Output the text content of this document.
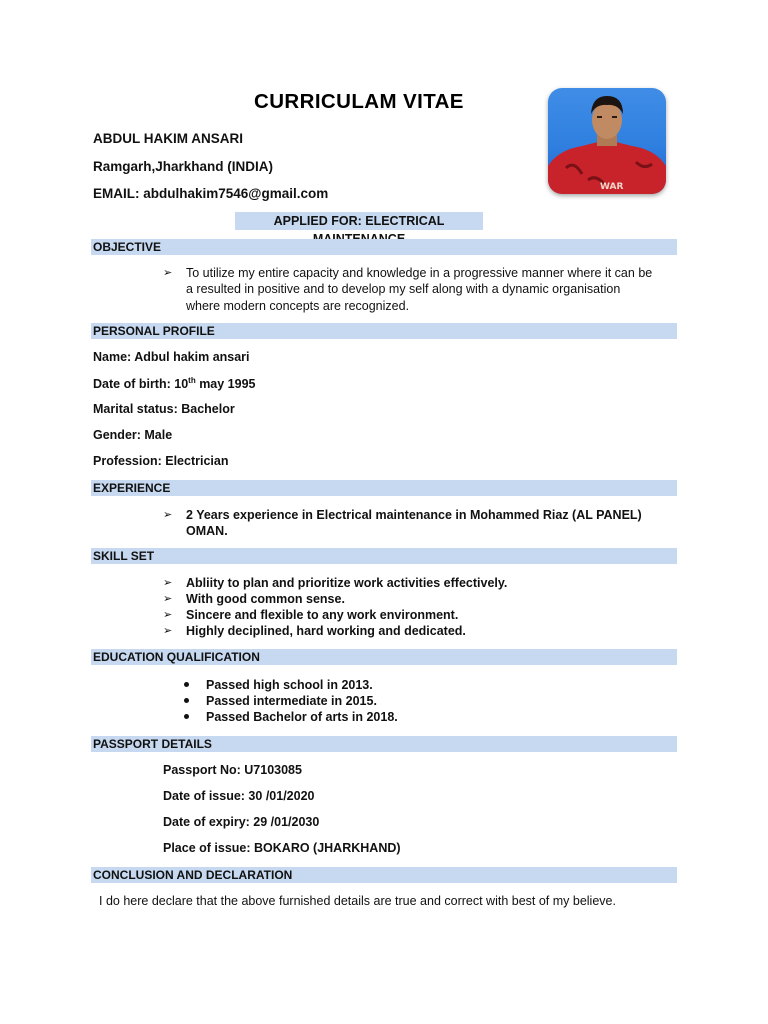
CURRICULAM VITAE
ABDUL HAKIM ANSARI
Ramgarh,Jharkhand (INDIA)
EMAIL: abdulhakim7546@gmail.com	WAR
APPLIED FOR: ELECTRICAL
OBJECTIVE
➢ To utilize my entire capacity and knowledge in a progressive manner where it can be
a resulted in positive and to develop my self along with a dynamic organisation
where modern concepts are recognized.
PERSONAL PROFILE
Name: Adbul hakim ansari
Date of birth: 10th may 1995
Marital status: Bachelor
Gender: Male
Profession: Electrician
EXPERIENCE
➢ 2 Years experience in Electrical maintenance in Mohammed Riaz (AL PANEL)
OMAN.
SKILL SET
➢ Abliity to plan and prioritize work activities effectively.
➢ With good common sense.
➢ Sincere and flexible to any work environment.
➢ Highly deciplined, hard working and dedicated.
EDUCATION QUALIFICATION
Passed high school in 2013.
Passed intermediate in 2015.
Passed Bachelor of arts in 2018.
PASSPORT DETAILS
Passport No: U7103085
Date of issue: 30 /01/2020
Date of expiry: 29 /01/2030
Place of issue: BOKARO (JHARKHAND)
CONCLUSION AND DECLARATION
I do here declare that the above furnished details are true and correct with best of my believe.
